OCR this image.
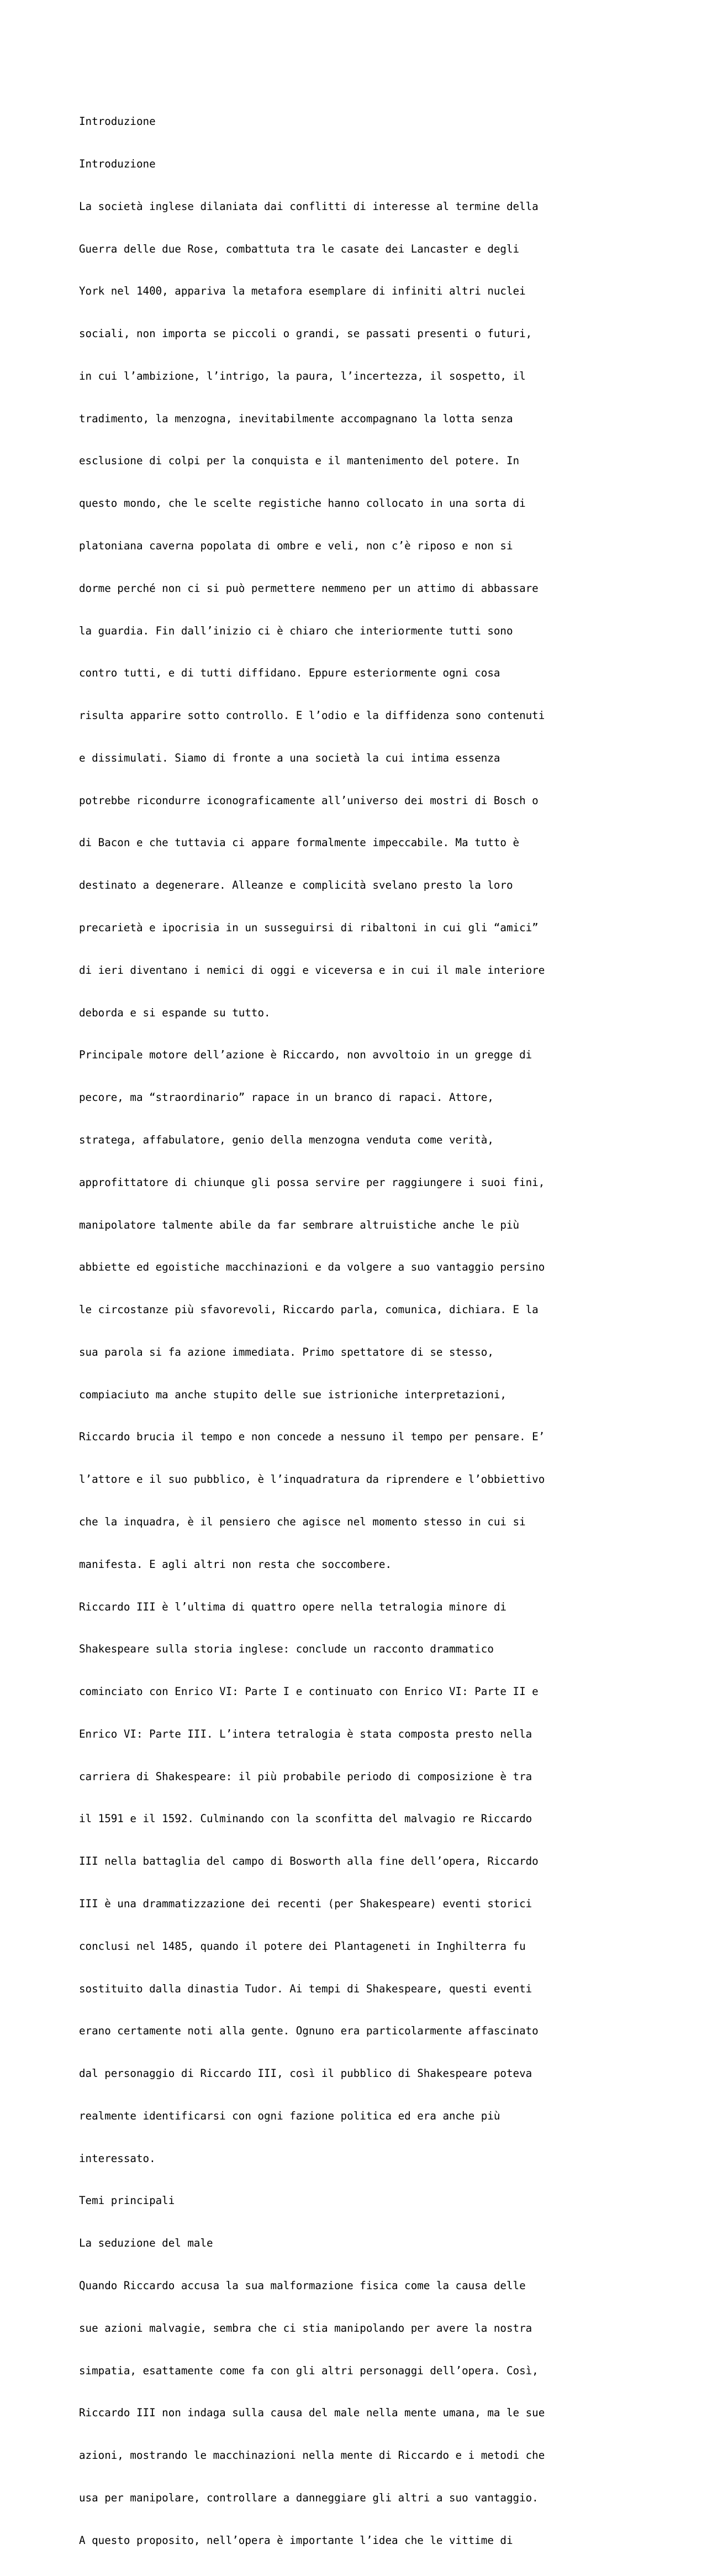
Introduzione

Introduzione

La società inglese dilaniata dai conflitti di interesse al termine della

Guerra delle due Rose, combattuta tra le casate dei Lancaster e degli

York nel 1400, appariva la metafora esemplare di infiniti altri nuclei

sociali, non importa se piccoli o grandi, se passati presenti o futuri,

in cui l’ambizione, l’intrigo, la paura, l’incertezza, il sospetto, il

tradimento, la menzogna, inevitabilmente accompagnano la lotta senza

esclusione di colpi per la conquista e il mantenimento del potere. In

questo mondo, che le scelte registiche hanno collocato in una sorta di

platoniana caverna popolata di ombre e veli, non c’è riposo e non si

dorme perché non ci si può permettere nemmeno per un attimo di abbassare

la guardia. Fin dall’inizio ci è chiaro che interiormente tutti sono

contro tutti, e di tutti diffidano. Eppure esteriormente ogni cosa

risulta apparire sotto controllo. E l’odio e la diffidenza sono contenuti

e dissimulati. Siamo di fronte a una società la cui intima essenza

potrebbe ricondurre iconograficamente all’universo dei mostri di Bosch o

di Bacon e che tuttavia ci appare formalmente impeccabile. Ma tutto è

destinato a degenerare. Alleanze e complicità svelano presto la loro

precarietà e ipocrisia in un susseguirsi di ribaltoni in cui gli “amici”

di ieri diventano i nemici di oggi e viceversa e in cui il male interiore

deborda e si espande su tutto.

Principale motore dell’azione è Riccardo, non avvoltoio in un gregge di

pecore, ma “straordinario” rapace in un branco di rapaci. Attore,

stratega, affabulatore, genio della menzogna venduta come verità,

approfittatore di chiunque gli possa servire per raggiungere i suoi fini,

manipolatore talmente abile da far sembrare altruistiche anche le più

abbiette ed egoistiche macchinazioni e da volgere a suo vantaggio persino

le circostanze più sfavorevoli, Riccardo parla, comunica, dichiara. E la

sua parola si fa azione immediata. Primo spettatore di se stesso,

compiaciuto ma anche stupito delle sue istrioniche interpretazioni,

Riccardo brucia il tempo e non concede a nessuno il tempo per pensare. E’

l’attore e il suo pubblico, è l’inquadratura da riprendere e l’obbiettivo

che la inquadra, è il pensiero che agisce nel momento stesso in cui si

manifesta. E agli altri non resta che soccombere.

Riccardo III è l’ultima di quattro opere nella tetralogia minore di

Shakespeare sulla storia inglese: conclude un racconto drammatico

cominciato con Enrico VI: Parte I e continuato con Enrico VI: Parte II e

Enrico VI: Parte III. L’intera tetralogia è stata composta presto nella

carriera di Shakespeare: il più probabile periodo di composizione è tra

il 1591 e il 1592. Culminando con la sconfitta del malvagio re Riccardo

III nella battaglia del campo di Bosworth alla fine dell’opera, Riccardo

III è una drammatizzazione dei recenti (per Shakespeare) eventi storici

conclusi nel 1485, quando il potere dei Plantageneti in Inghilterra fu

sostituito dalla dinastia Tudor. Ai tempi di Shakespeare, questi eventi

erano certamente noti alla gente. Ognuno era particolarmente affascinato

dal personaggio di Riccardo III, così il pubblico di Shakespeare poteva

realmente identificarsi con ogni fazione politica ed era anche più

interessato.

Temi principali

La seduzione del male

Quando Riccardo accusa la sua malformazione fisica come la causa delle

sue azioni malvagie, sembra che ci stia manipolando per avere la nostra

simpatia, esattamente come fa con gli altri personaggi dell’opera. Così,

Riccardo III non indaga sulla causa del male nella mente umana, ma le sue

azioni, mostrando le macchinazioni nella mente di Riccardo e i metodi che

usa per manipolare, controllare a danneggiare gli altri a suo vantaggio.

A questo proposito, nell’opera è importante l’idea che le vittime di
